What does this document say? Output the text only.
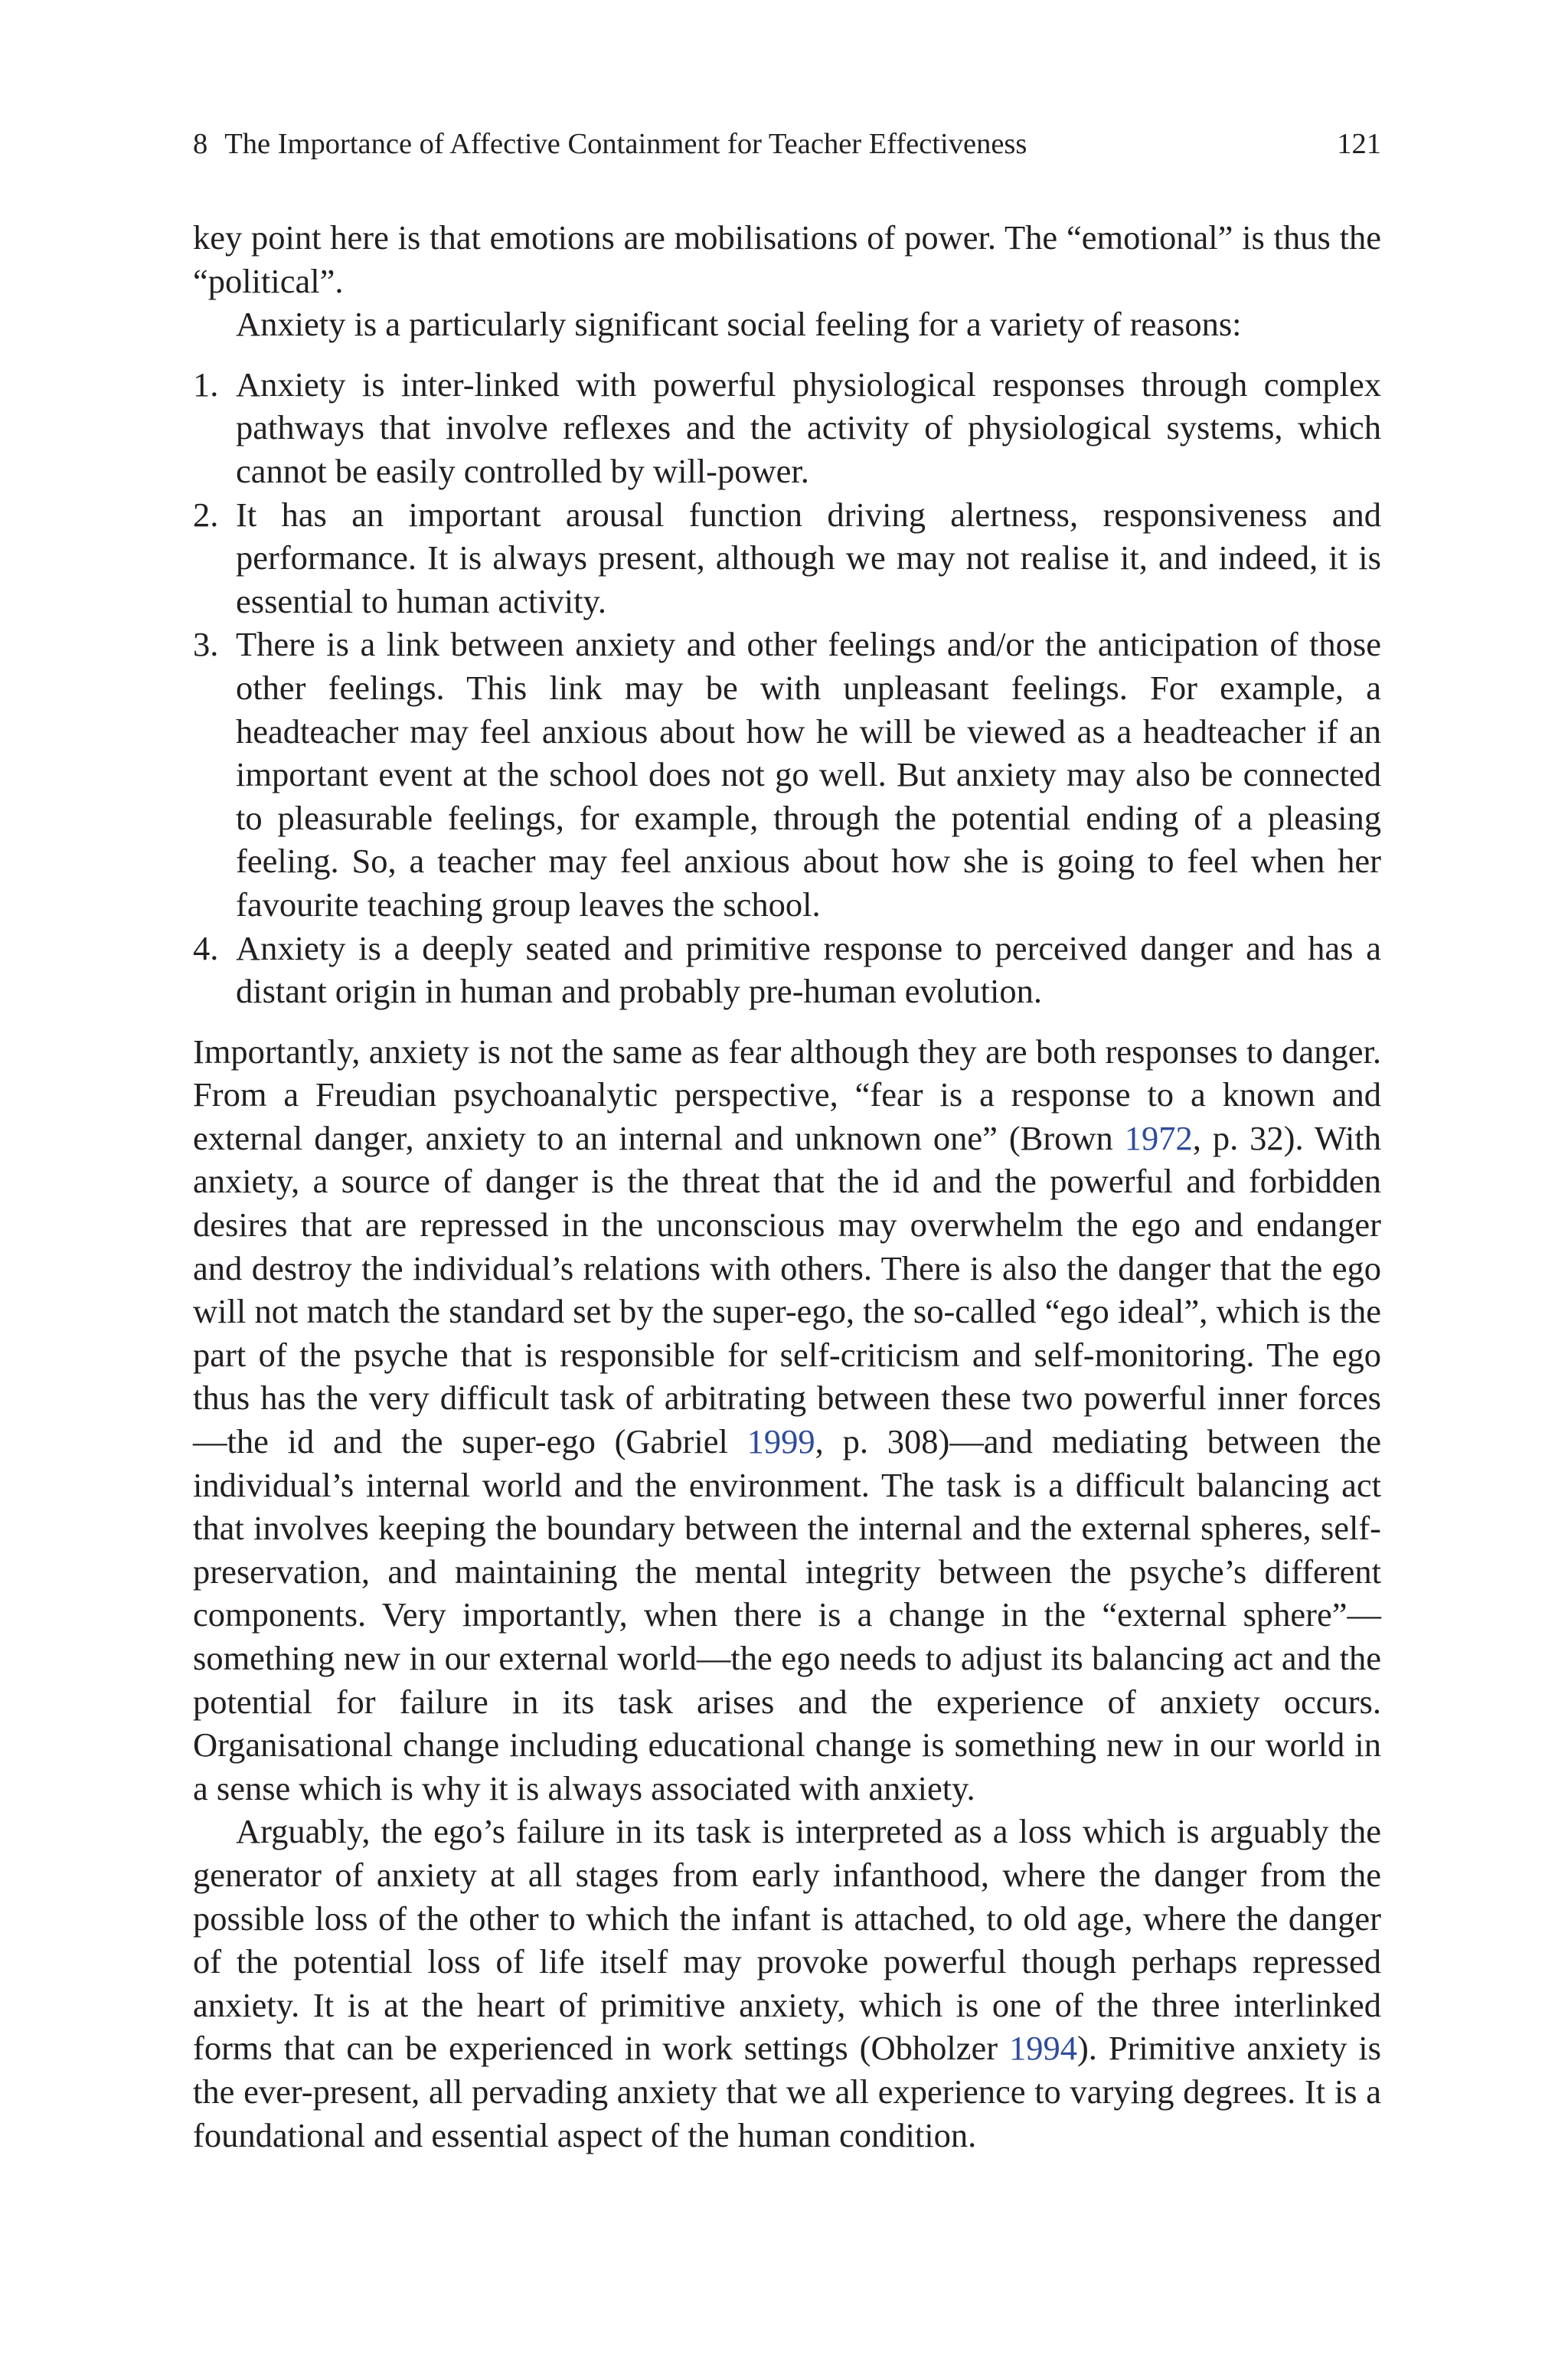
8 The Importance of Affective Containment for Teacher Effectiveness	121

key point here is that emotions are mobilisations of power. The “emotional” is thus the “political”.

Anxiety is a particularly significant social feeling for a variety of reasons:

1. Anxiety is inter-linked with powerful physiological responses through complex pathways that involve reflexes and the activity of physiological systems, which cannot be easily controlled by will-power.
2. It has an important arousal function driving alertness, responsiveness and performance. It is always present, although we may not realise it, and indeed, it is essential to human activity.
3. There is a link between anxiety and other feelings and/or the anticipation of those other feelings. This link may be with unpleasant feelings. For example, a headteacher may feel anxious about how he will be viewed as a headteacher if an important event at the school does not go well. But anxiety may also be connected to pleasurable feelings, for example, through the potential ending of a pleasing feeling. So, a teacher may feel anxious about how she is going to feel when her favourite teaching group leaves the school.
4. Anxiety is a deeply seated and primitive response to perceived danger and has a distant origin in human and probably pre-human evolution.

Importantly, anxiety is not the same as fear although they are both responses to danger. From a Freudian psychoanalytic perspective, “fear is a response to a known and external danger, anxiety to an internal and unknown one” (Brown 1972, p. 32). With anxiety, a source of danger is the threat that the id and the powerful and forbidden desires that are repressed in the unconscious may overwhelm the ego and endanger and destroy the individual’s relations with others. There is also the danger that the ego will not match the standard set by the super-ego, the so-called “ego ideal”, which is the part of the psyche that is responsible for self-criticism and self-monitoring. The ego thus has the very difficult task of arbitrating between these two powerful inner forces—the id and the super-ego (Gabriel 1999, p. 308)—and mediating between the individual’s internal world and the environment. The task is a difficult balancing act that involves keeping the boundary between the internal and the external spheres, self-preservation, and maintaining the mental integrity between the psyche’s different components. Very importantly, when there is a change in the “external sphere”—something new in our external world—the ego needs to adjust its balancing act and the potential for failure in its task arises and the experience of anxiety occurs. Organisational change including educational change is something new in our world in a sense which is why it is always associated with anxiety.

Arguably, the ego’s failure in its task is interpreted as a loss which is arguably the generator of anxiety at all stages from early infanthood, where the danger from the possible loss of the other to which the infant is attached, to old age, where the danger of the potential loss of life itself may provoke powerful though perhaps repressed anxiety. It is at the heart of primitive anxiety, which is one of the three interlinked forms that can be experienced in work settings (Obholzer 1994). Primitive anxiety is the ever-present, all pervading anxiety that we all experience to varying degrees. It is a foundational and essential aspect of the human condition.
